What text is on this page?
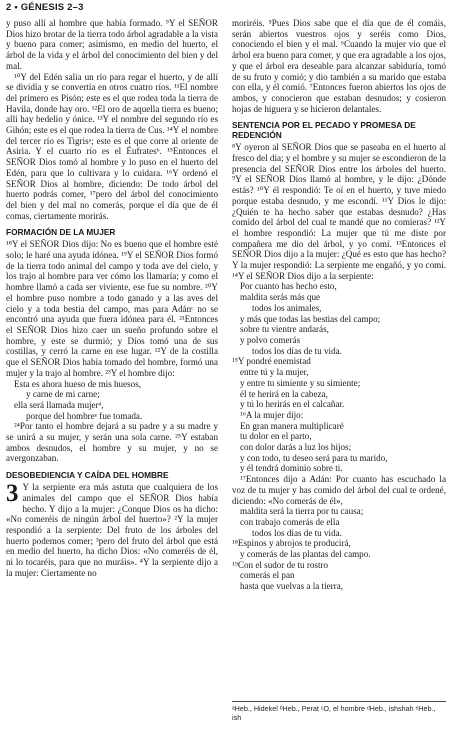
2 • GÉNESIS 2–3

y puso allí al hombre que había formado. ⁹Y el SEÑOR Dios hizo brotar de la tierra todo árbol agradable a la vista y bueno para comer; asimismo, en medio del huerto, el árbol de la vida y el árbol del conocimiento del bien y del mal.

¹⁰Y del Edén salía un río para regar el huerto, y de allí se dividía y se convertía en otros cuatro ríos. ¹¹El nombre del primero es Pisón; este es el que rodea toda la tierra de Havila, donde hay oro. ¹²El oro de aquella tierra es bueno; allí hay bedelio y ónice. ¹³Y el nombre del segundo río es Gihón; este es el que rodea la tierra de Cus. ¹⁴Y el nombre del tercer río es Tigrisᵃ; este es el que corre al oriente de Asiria. Y el cuarto río es el Éufratesᵇ. ¹⁵Entonces el SEÑOR Dios tomó al hombre y lo puso en el huerto del Edén, para que lo cultivara y lo cuidara. ¹⁶Y ordenó el SEÑOR Dios al hombre, diciendo: De todo árbol del huerto podrás comer, ¹⁷pero del árbol del conocimiento del bien y del mal no comerás, porque el día que de él comas, ciertamente morirás.

FORMACIÓN DE LA MUJER

¹⁸Y el SEÑOR Dios dijo: No es bueno que el hombre esté solo; le haré una ayuda idónea. ¹⁹Y el SEÑOR Dios formó de la tierra todo animal del campo y toda ave del cielo, y los trajo al hombre para ver cómo los llamaría; y como el hombre llamó a cada ser viviente, ese fue su nombre. ²⁰Y el hombre puso nombre a todo ganado y a las aves del cielo y a toda bestia del campo, mas para Adánᶜ no se encontró una ayuda que fuera idónea para él. ²¹Entonces el SEÑOR Dios hizo caer un sueño profundo sobre el hombre, y este se durmió; y Dios tomó una de sus costillas, y cerró la carne en ese lugar. ²²Y de la costilla que el SEÑOR Dios había tomado del hombre, formó una mujer y la trajo al hombre. ²³Y el hombre dijo:

Esta es ahora hueso de mis huesos,
y carne de mi carne;
ella será llamada mujerᵈ,
porque del hombreᵉ fue tomada.

²⁴Por tanto el hombre dejará a su padre y a su madre y se unirá a su mujer, y serán una sola carne. ²⁵Y estaban ambos desnudos, el hombre y su mujer, y no se avergonzaban.

DESOBEDIENCIA Y CAÍDA DEL HOMBRE

3 Y la serpiente era más astuta que cualquiera de los animales del campo que el SEÑOR Dios había hecho. Y dijo a la mujer: ¿Conque Dios os ha dicho: «No comeréis de ningún árbol del huerto»? ²Y la mujer respondió a la serpiente: Del fruto de los árboles del huerto podemos comer; ³pero del fruto del árbol que está en medio del huerto, ha dicho Dios: «No comeréis de él, ni lo tocaréis, para que no muráis». ⁴Y la serpiente dijo a la mujer: Ciertamente no

moriréis. ⁵Pues Dios sabe que el día que de él comáis, serán abiertos vuestros ojos y seréis como Dios, conociendo el bien y el mal. ⁶Cuando la mujer vio que el árbol era bueno para comer, y que era agradable a los ojos, y que el árbol era deseable para alcanzar sabiduría, tomó de su fruto y comió; y dio también a su marido que estaba con ella, y él comió. ⁷Entonces fueron abiertos los ojos de ambos, y conocieron que estaban desnudos; y cosieron hojas de higuera y se hicieron delantales.

SENTENCIA POR EL PECADO Y PROMESA DE REDENCIÓN

⁸Y oyeron al SEÑOR Dios que se paseaba en el huerto al fresco del día; y el hombre y su mujer se escondieron de la presencia del SEÑOR Dios entre los árboles del huerto. ⁹Y el SEÑOR Dios llamó al hombre, y le dijo: ¿Dónde estás? ¹⁰Y él respondió: Te oí en el huerto, y tuve miedo porque estaba desnudo, y me escondí. ¹¹Y Dios le dijo: ¿Quién te ha hecho saber que estabas desnudo? ¿Has comido del árbol del cual te mandé que no comieras? ¹²Y el hombre respondió: La mujer que tú me diste por compañera me dio del árbol, y yo comí. ¹³Entonces el SEÑOR Dios dijo a la mujer: ¿Qué es esto que has hecho? Y la mujer respondió: La serpiente me engañó, y yo comí. ¹⁴Y el SEÑOR Dios dijo a la serpiente:

Por cuanto has hecho esto,
maldita serás más que
todos los animales,
y más que todas las bestias del campo;
sobre tu vientre andarás,
y polvo comerás
todos los días de tu vida.
¹⁵Y pondré enemistad
entre tú y la mujer,
y entre tu simiente y su simiente;
él te herirá en la cabeza,
y tú lo herirás en el calcañar.
¹⁶A la mujer dijo:
En gran manera multiplicaré
tu dolor en el parto,
con dolor darás a luz los hijos;
y con todo, tu deseo será para tu marido,
y él tendrá dominio sobre ti.

¹⁷Entonces dijo a Adán: Por cuanto has escuchado la voz de tu mujer y has comido del árbol del cual te ordené, diciendo: «No comerás de él»,

maldita será la tierra por tu causa;
con trabajo comerás de ella
todos los días de tu vida.
¹⁸Espinos y abrojos te producirá,
y comerás de las plantas del campo.
¹⁹Con el sudor de tu rostro
comerás el pan
hasta que vuelvas a la tierra,
ᵃHeb., Hidekel ᵇHeb., Perat ᶜO, el hombre ᵈHeb., ishshah ᵉHeb., ish
